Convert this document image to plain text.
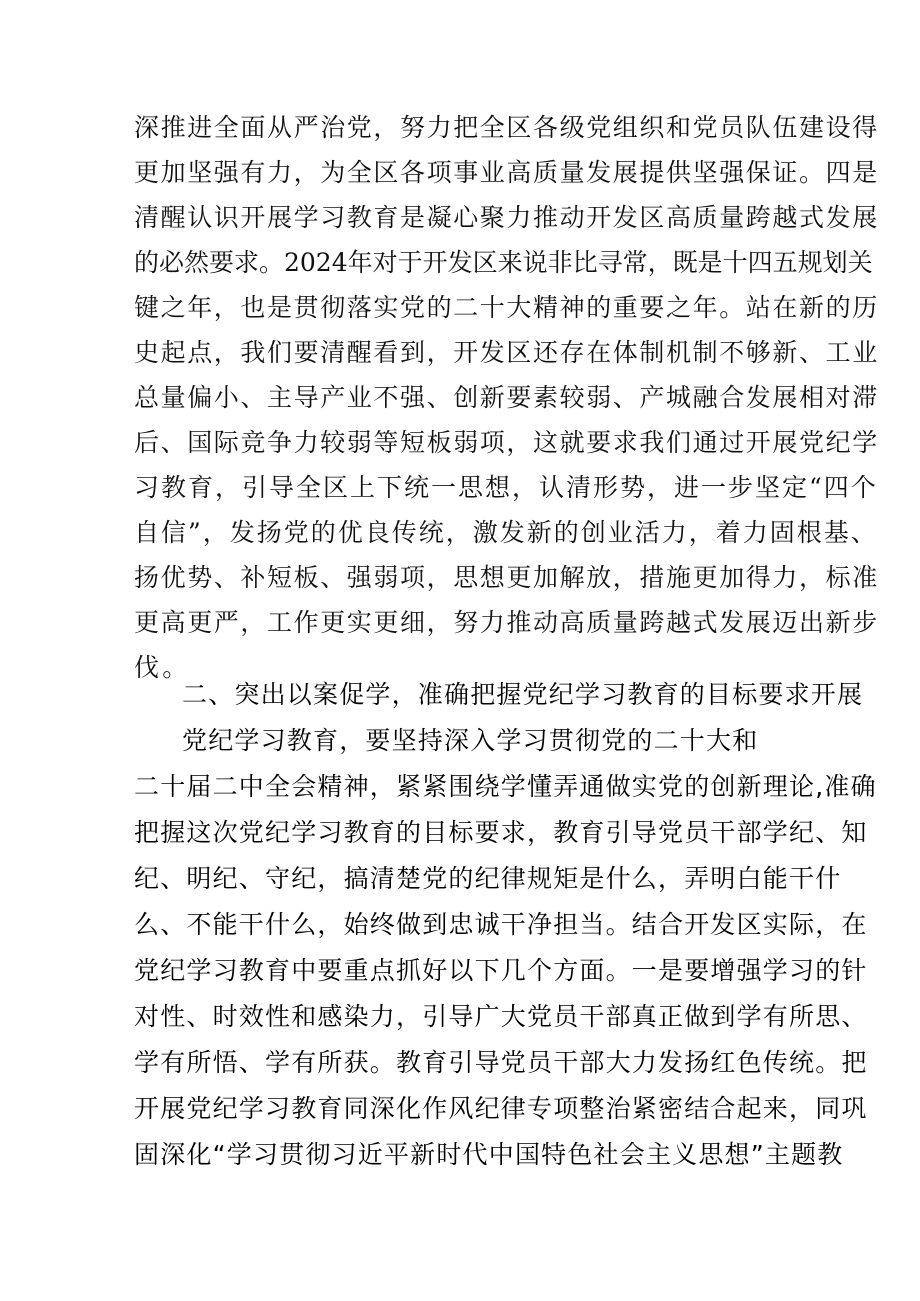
深推进全面从严治党，努力把全区各级党组织和党员队伍建设得
更加坚强有力，为全区各项事业高质量发展提供坚强保证。四是
清醒认识开展学习教育是凝心聚力推动开发区高质量跨越式发展
的必然要求。2024年对于开发区来说非比寻常，既是十四五规划关
键之年，也是贯彻落实党的二十大精神的重要之年。站在新的历
史起点，我们要清醒看到，开发区还存在体制机制不够新、工业
总量偏小、主导产业不强、创新要素较弱、产城融合发展相对滞
后、国际竞争力较弱等短板弱项，这就要求我们通过开展党纪学
习教育，引导全区上下统一思想，认清形势，进一步坚定“四个
自信”，发扬党的优良传统，激发新的创业活力，着力固根基、
扬优势、补短板、强弱项，思想更加解放，措施更加得力，标准
更高更严，工作更实更细，努力推动高质量跨越式发展迈出新步
伐。
二、突出以案促学，准确把握党纪学习教育的目标要求开展
党纪学习教育，要坚持深入学习贯彻党的二十大和
二十届二中全会精神，紧紧围绕学懂弄通做实党的创新理论,准确
把握这次党纪学习教育的目标要求，教育引导党员干部学纪、知
纪、明纪、守纪，搞清楚党的纪律规矩是什么，弄明白能干什
么、不能干什么，始终做到忠诚干净担当。结合开发区实际，在
党纪学习教育中要重点抓好以下几个方面。一是要增强学习的针
对性、时效性和感染力，引导广大党员干部真正做到学有所思、
学有所悟、学有所获。教育引导党员干部大力发扬红色传统。把
开展党纪学习教育同深化作风纪律专项整治紧密结合起来，同巩
固深化“学习贯彻习近平新时代中国特色社会主义思想”主题教
